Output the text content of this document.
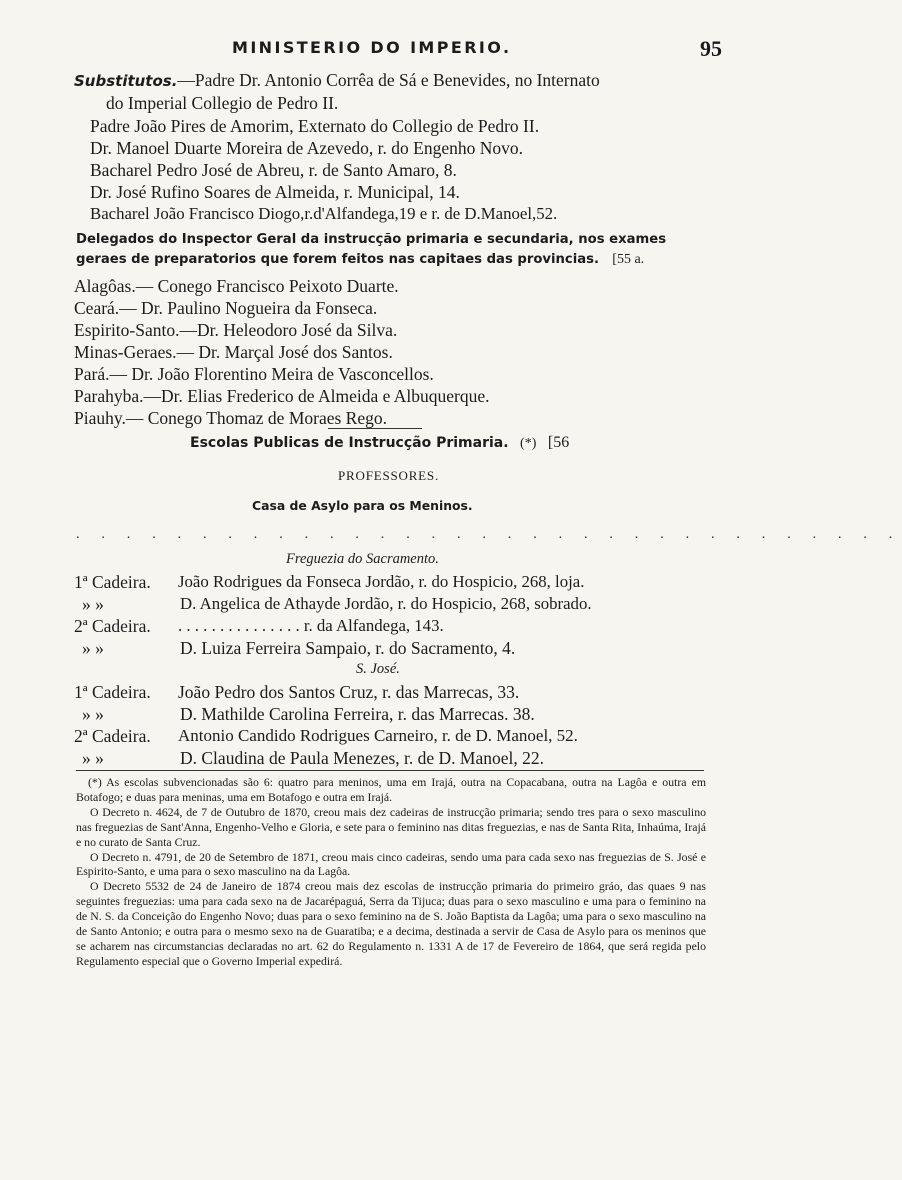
MINISTERIO DO IMPERIO.	95
Substitutos.—Padre Dr. Antonio Corrêa de Sá e Benevides, no Internato
do Imperial Collegio de Pedro II.
Padre João Pires de Amorim, Externato do Collegio de Pedro II.
Dr. Manoel Duarte Moreira de Azevedo, r. do Engenho Novo.
Bacharel Pedro José de Abreu, r. de Santo Amaro, 8.
Dr. José Rufino Soares de Almeida, r. Municipal, 14.
Bacharel João Francisco Diogo,r.d'Alfandega,19 e r. de D.Manoel,52.
Delegados do Inspector Geral da instrucção primaria e secundaria, nos exames
geraes de preparatorios que forem feitos nas capitaes das provincias. [55 a.
Alagôas.— Conego Francisco Peixoto Duarte.
Ceará.— Dr. Paulino Nogueira da Fonseca.
Espirito-Santo.—Dr. Heleodoro José da Silva.
Minas-Geraes.— Dr. Marçal José dos Santos.
Pará.— Dr. João Florentino Meira de Vasconcellos.
Parahyba.—Dr. Elias Frederico de Almeida e Albuquerque.
Piauhy.— Conego Thomaz de Moraes Rego.
Escolas Publicas de Instrucção Primaria. (*) [56
PROFESSORES.
Casa de Asylo para os Meninos.
. . . . . . . . . . . . . . . . . . . . . . . . . . . . . . . . .
Freguezia do Sacramento.
1ª Cadeira. João Rodrigues da Fonseca Jordão, r. do Hospicio, 268, loja.
» »	D. Angelica de Athayde Jordão, r. do Hospicio, 268, sobrado.
2ª Cadeira. . . . . . . . . . . . . . . . r. da Alfandega, 143.
» »	D. Luiza Ferreira Sampaio, r. do Sacramento, 4.
S. José.
1ª Cadeira. João Pedro dos Santos Cruz, r. das Marrecas, 33.
» »	D. Mathilde Carolina Ferreira, r. das Marrecas. 38.
2ª Cadeira. Antonio Candido Rodrigues Carneiro, r. de D. Manoel, 52.
» »	D. Claudina de Paula Menezes, r. de D. Manoel, 22.

(*) As escolas subvencionadas são 6: quatro para meninos, uma em Irajá, outra na Copacabana, outra na Lagôa e outra em Botafogo; e duas para meninas, uma em Botafogo e outra em Irajá.

O Decreto n. 4624, de 7 de Outubro de 1870, creou mais dez cadeiras de instrucção primaria; sendo tres para o sexo masculino nas freguezias de Sant'Anna, Engenho-Velho e Gloria, e sete para o feminino nas ditas freguezias, e nas de Santa Rita, Inhaúma, Irajá e no curato de Santa Cruz.

O Decreto n. 4791, de 20 de Setembro de 1871, creou mais cinco cadeiras, sendo uma para cada sexo nas freguezias de S. José e Espirito-Santo, e uma para o sexo masculino na da Lagôa.

O Decreto 5532 de 24 de Janeiro de 1874 creou mais dez escolas de instrucção primaria do primeiro gráo, das quaes 9 nas seguintes freguezias: uma para cada sexo na de Jacarépaguá, Serra da Tijuca; duas para o sexo masculino e uma para o feminino na de N. S. da Conceição do Engenho Novo; duas para o sexo feminino na de S. João Baptista da Lagôa; uma para o sexo masculino na de Santo Antonio; e outra para o mesmo sexo na de Guaratiba; e a decima, destinada a servir de Casa de Asylo para os meninos que se acharem nas circumstancias declaradas no art. 62 do Regulamento n. 1331 A de 17 de Fevereiro de 1864, que será regida pelo Regulamento especial que o Governo Imperial expedirá.
